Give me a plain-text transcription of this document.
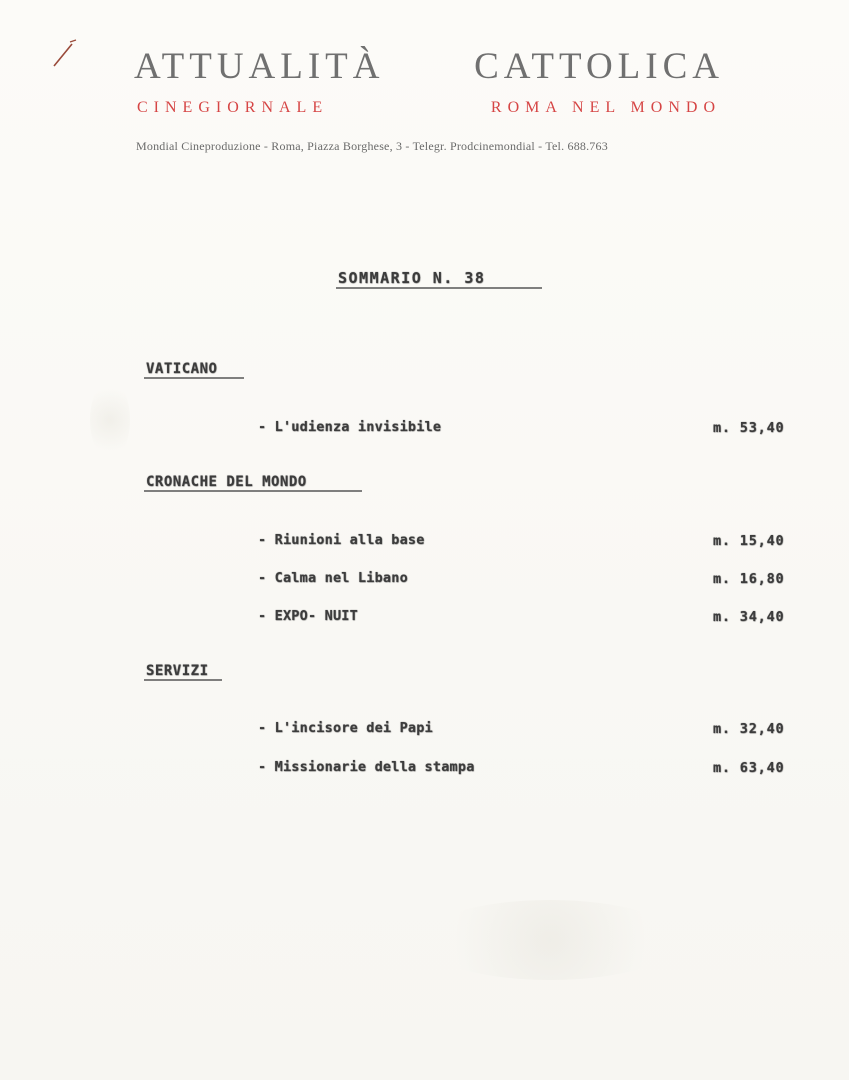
ATTUALITÀ CATTOLICA
CINEGIORNALE	ROMA NEL MONDO
Mondial Cineproduzione - Roma, Piazza Borghese, 3 - Telegr. Prodcinemondial - Tel. 688.763
SOMMARIO N. 38
VATICANO
- L'udienza invisibile	m. 53,40
CRONACHE DEL MONDO
- Riunioni alla base	m. 15,40
- Calma nel Libano	m. 16,80
- EXPO- NUIT	m. 34,40
SERVIZI
- L'incisore dei Papi	m. 32,40
- Missionarie della stampa	m. 63,40
